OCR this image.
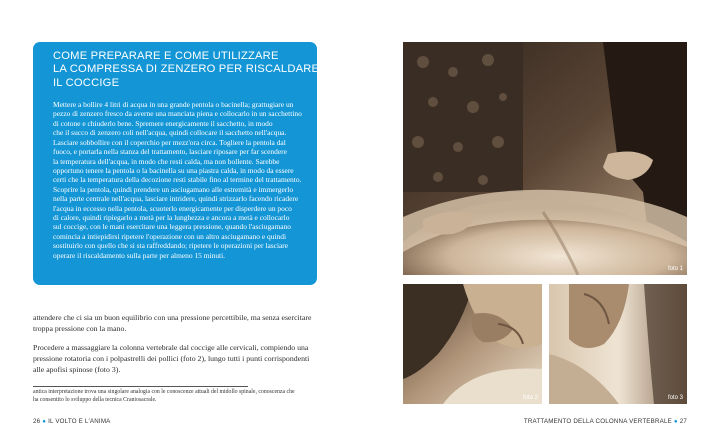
COME PREPARARE E COME UTILIZZARE
LA COMPRESSA DI ZENZERO PER RISCALDARE
IL COCCIGE
Mettere a bollire 4 litri di acqua in una grande pentola o bacinella; grattugiare un
pezzo di zenzero fresco da averne una manciata piena e collocarlo in un sacchettino
di cotone e chiuderlo bene. Spremere energicamente il sacchetto, in modo
che il succo di zenzero coli nell'acqua, quindi collocare il sacchetto nell'acqua.
Lasciare sobbollire con il coperchio per mezz'ora circa. Togliere la pentola dal
fuoco, e portarla nella stanza del trattamento, lasciare riposare per far scendere
la temperatura dell'acqua, in modo che resti calda, ma non bollente. Sarebbe
opportuno tenere la pentola o la bacinella su una piastra calda, in modo da essere
certi che la temperatura della decozione resti stabile fino al termine del trattamento.
Scoprire la pentola, quindi prendere un asciugamano alle estremità e immergerlo
nella parte centrale nell'acqua, lasciare intridere, quindi strizzarlo facendo ricadere
l'acqua in eccesso nella pentola, scuoterlo energicamente per disperdere un poco
di calore, quindi ripiegarlo a metà per la lunghezza e ancora a metà e collocarlo
sul coccige, con le mani esercitare una leggera pressione, quando l'asciugamano
comincia a intiepidirsi ripetere l'operazione con un altro asciugamano e quindi
sostituirlo con quello che si sta raffreddando; ripetere le operazioni per lasciare
operare il riscaldamento sulla parte per almeno 15 minuti.
attendere che ci sia un buon equilibrio con una pressione percettibile, ma senza esercitare
troppa pressione con la mano.
Procedere a massaggiare la colonna vertebrale dal coccige alle cervicali, compiendo una
pressione rotatoria con i polpastrelli dei pollici (foto 2), lungo tutti i punti corrispondenti
alle apofisi spinose (foto 3).
antica interpretazione trova una singolare analogia con le conoscenze attuali del midollo spinale, conoscenza che
ha consentito lo sviluppo della tecnica Craniosacrale.
26 ● IL VOLTO E L'ANIMA	TRATTAMENTO DELLA COLONNA VERTEBRALE ● 27
foto 1
foto 2	foto 3
